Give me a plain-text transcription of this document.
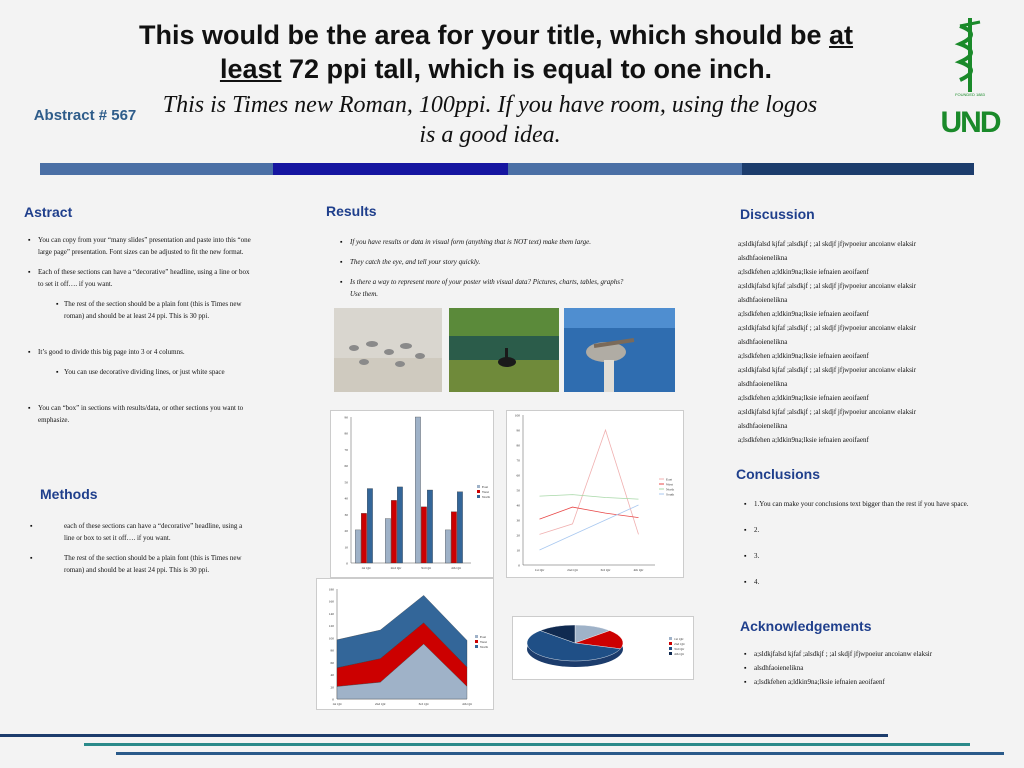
This would be the area for your title, which should be at
least 72 ppi tall, which is equal to one inch.
This is Times new Roman, 100ppi. If you have room, using the logos is a good idea.
Abstract # 567
FOUNDED 1883
UND
Astract
▪ You can copy from your “many slides” presentation and paste into this “one large page” presentation. Font sizes can be adjusted to fit the new format.
▪ Each of these sections can have a “decorative” headline, using a line or box to set it off…. if you want.
▪ The rest of the section should be a plain font (this is Times new roman) and should be at least 24 ppi. This is 30 ppi.
▪ It’s good to divide this big page into 3 or 4 columns.
▪ You can use decorative dividing lines, or just white space
▪ You can “box” in sections with results/data, or other sections you want to emphasize.
Methods
▪ each of these sections can have a “decorative” headline, using a line or box to set it off…. if you want.
▪ The rest of the section should be a plain font (this is Times new roman) and should be at least 24 ppi. This is 30 ppi.
Results
▪ If you have results or data in visual form (anything that is NOT text) make them large.
▪ They catch the eye, and tell your story quickly.
▪ Is there a way to represent more of your poster with visual data? Pictures, charts, tables, graphs? Use them.
0
10
20
30
40
50
60
70
80
90
1st Qtr	2nd Qtr	3rd Qtr	4th Qtr
East
West
North
0
10
20
30
40
50
60
70
80
90
100
1st Qtr	2nd Qtr	3rd Qtr	4th Qtr
East
West
North
South
0
20
40
60
80
100
120
140
160
180
1st Qtr	2nd Qtr	3rd Qtr	4th Qtr
East
West
North
1st Qtr
2nd Qtr
3rd Qtr
4th Qtr
Discussion

a;sldkjfalsd kjfaf ;alsdkjf ; ;al skdjf jfjwpoeiur ancoianw elaksir

alsdhfaoienelikna

a;lsdkfehen a;ldkin9na;lksie iefnaien aeoifaenf

a;sldkjfalsd kjfaf ;alsdkjf ; ;al skdjf jfjwpoeiur ancoianw elaksir

alsdhfaoienelikna

a;lsdkfehen a;ldkin9na;lksie iefnaien aeoifaenf

a;sldkjfalsd kjfaf ;alsdkjf ; ;al skdjf jfjwpoeiur ancoianw elaksir

alsdhfaoienelikna

a;lsdkfehen a;ldkin9na;lksie iefnaien aeoifaenf

a;sldkjfalsd kjfaf ;alsdkjf ; ;al skdjf jfjwpoeiur ancoianw elaksir

alsdhfaoienelikna

a;lsdkfehen a;ldkin9na;lksie iefnaien aeoifaenf

a;sldkjfalsd kjfaf ;alsdkjf ; ;al skdjf jfjwpoeiur ancoianw elaksir

alsdhfaoienelikna

a;lsdkfehen a;ldkin9na;lksie iefnaien aeoifaenf

Conclusions
▪ 1.You can make your conclusions text bigger than the rest if you have space.
▪ 2.
▪ 3.
▪ 4.
Acknowledgements
▪ a;sldkjfalsd kjfaf ;alsdkjf ; ;al skdjf jfjwpoeiur ancoianw elaksir
▪ alsdhfaoienelikna
▪ a;lsdkfehen a;ldkin9na;lksie iefnaien aeoifaenf
